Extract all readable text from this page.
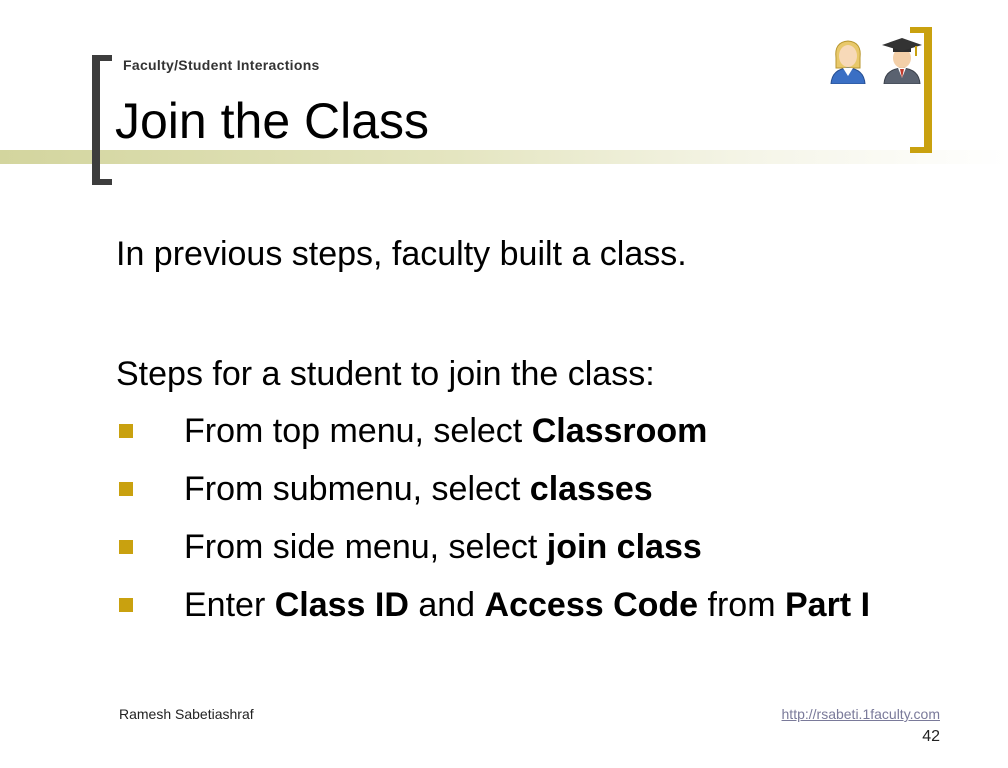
Faculty/Student Interactions
Join the Class

In previous steps, faculty built a class.

Steps for a student to join the class:

From top menu, select Classroom
From submenu, select classes
From side menu, select join class
Enter Class ID and Access Code from Part I
Ramesh Sabetiashraf	http://rsabeti.1faculty.com
42
